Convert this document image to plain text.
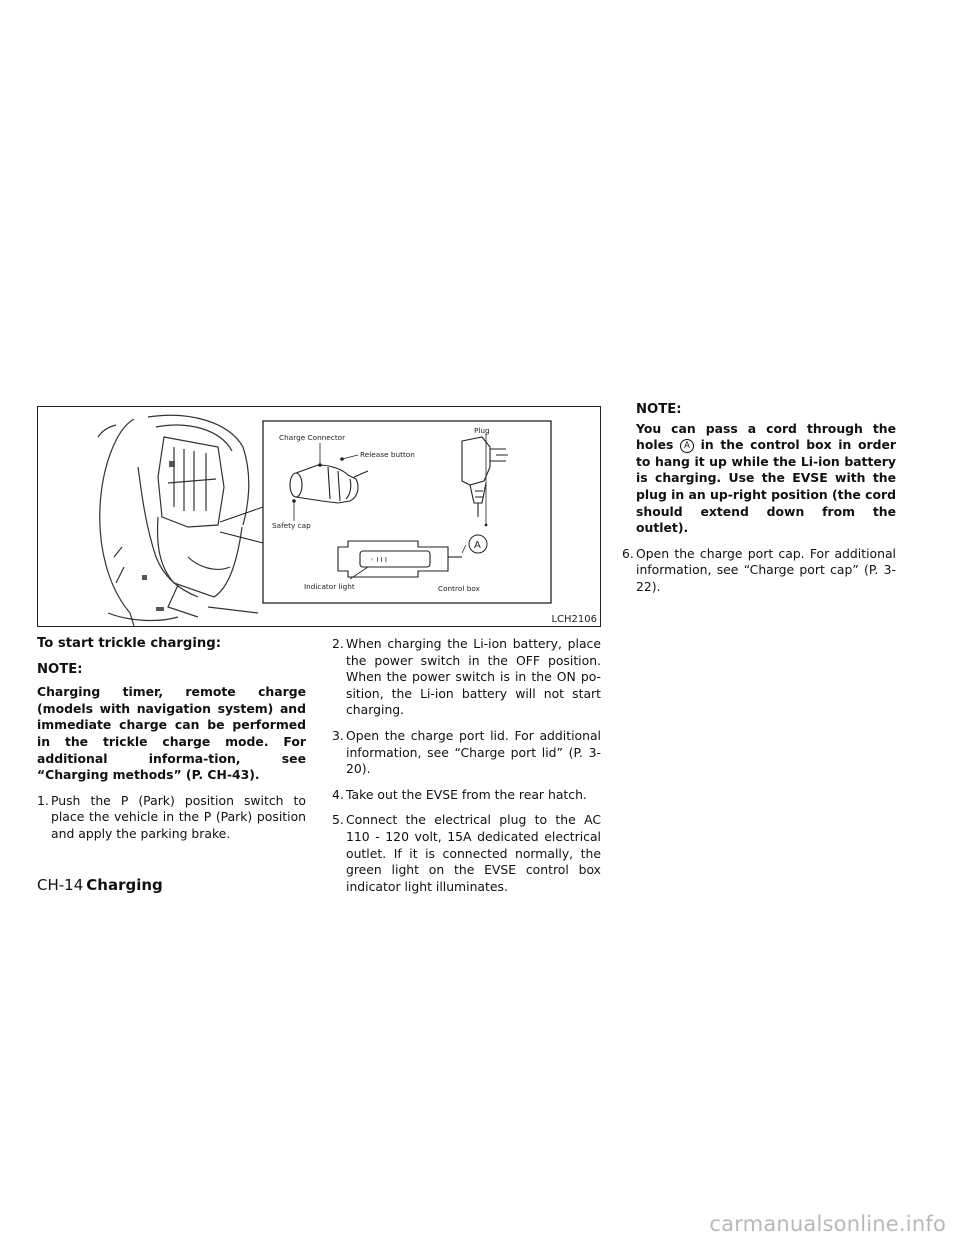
◦ I I I
Charge Connector
Release button
Plug
Safety cap
A
Indicator light	Control box
LCH2106

To start trickle charging:

NOTE:

Charging timer, remote charge (models with navigation system) and immediate charge can be performed in the trickle charge mode. For additional informa-tion, see “Charging methods” (P. CH-43).

1. Push the P (Park) position switch to place the vehicle in the P (Park) position and apply the parking brake.
2. When charging the Li-ion battery, place the power switch in the OFF position. When the power switch is in the ON po-sition, the Li-ion battery will not start charging.
3. Open the charge port lid. For additional information, see “Charge port lid” (P. 3-20).
4. Take out the EVSE from the rear hatch.
5. Connect the electrical plug to the AC 110 - 120 volt, 15A dedicated electrical outlet. If it is connected normally, the green light on the EVSE control box indicator light illuminates.

NOTE:

You can pass a cord through the holes A in the control box in order to hang it up while the Li-ion battery is charging. Use the EVSE with the plug in an up-right position (the cord should extend down from the outlet).

6. Open the charge port cap. For additional information, see “Charge port cap” (P. 3-22).
CH-14 Charging
carmanualsonline.info
